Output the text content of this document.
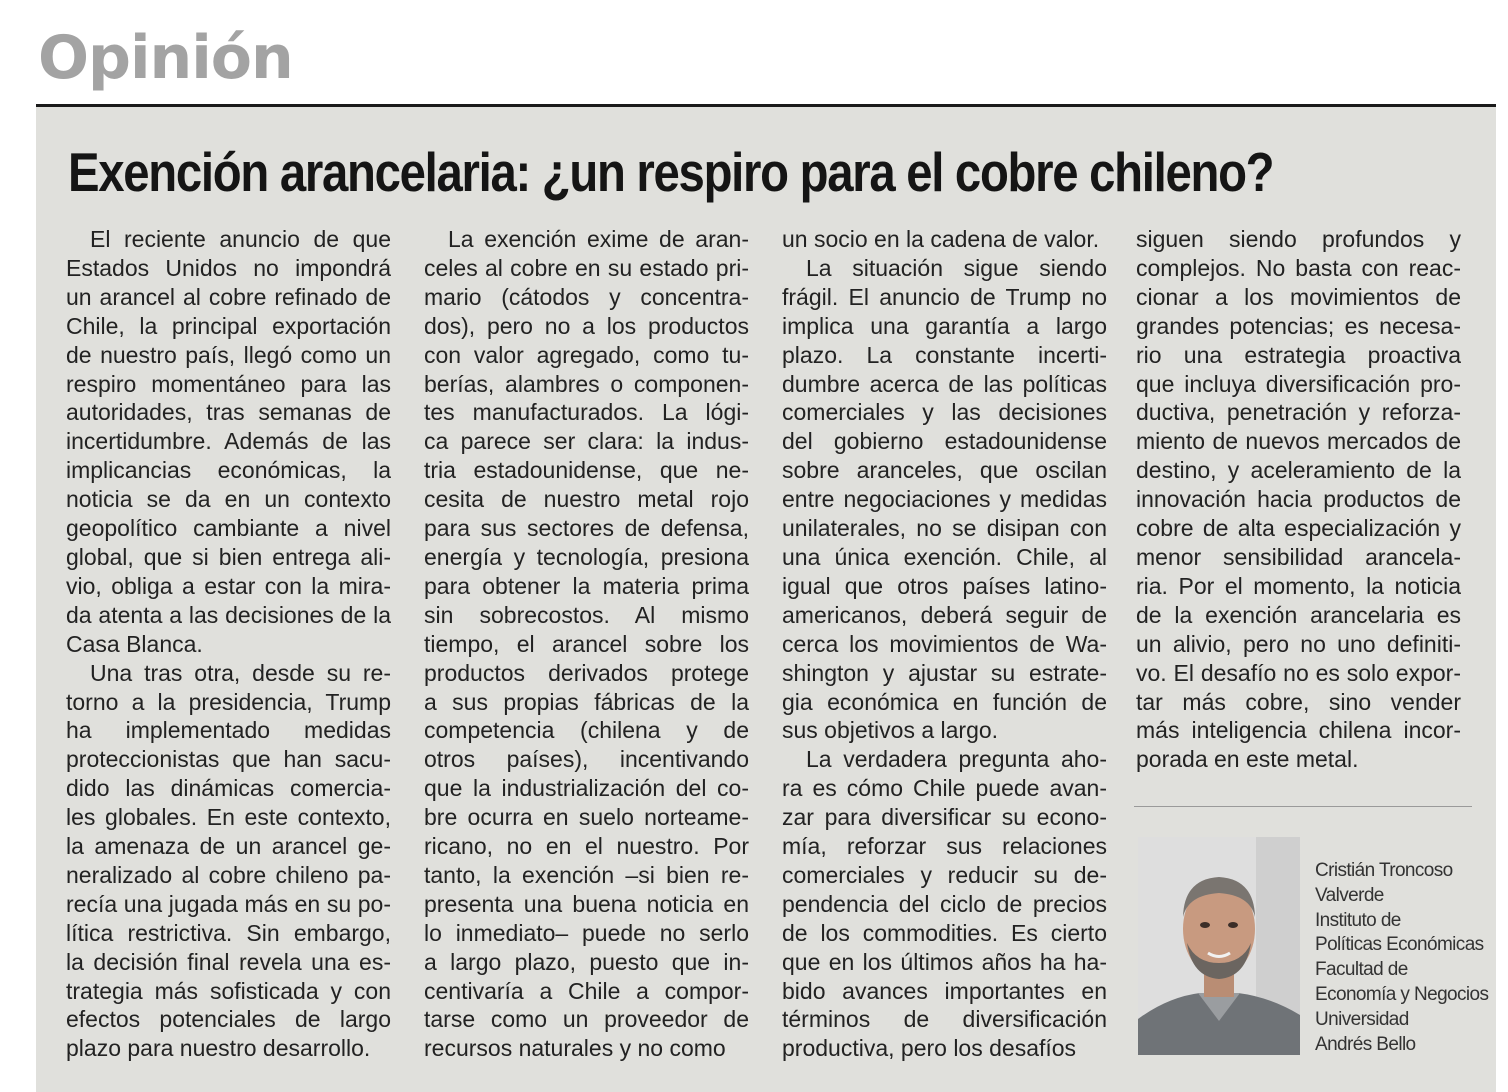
Opinión
Exención arancelaria: ¿un respiro para el cobre chileno?
El reciente anuncio de que
Estados Unidos no impondrá
un arancel al cobre refinado de
Chile, la principal exportación
de nuestro país, llegó como un
respiro momentáneo para las
autoridades, tras semanas de
incertidumbre. Además de las
implicancias económicas, la
noticia se da en un contexto
geopolítico cambiante a nivel
global, que si bien entrega ali-
vio, obliga a estar con la mira-
da atenta a las decisiones de la
Casa Blanca.
Una tras otra, desde su re-
torno a la presidencia, Trump
ha implementado medidas
proteccionistas que han sacu-
dido las dinámicas comercia-
les globales. En este contexto,
la amenaza de un arancel ge-
neralizado al cobre chileno pa-
recía una jugada más en su po-
lítica restrictiva. Sin embargo,
la decisión final revela una es-
trategia más sofisticada y con
efectos potenciales de largo
plazo para nuestro desarrollo.
La exención exime de aran-
celes al cobre en su estado pri-
mario (cátodos y concentra-
dos), pero no a los productos
con valor agregado, como tu-
berías, alambres o componen-
tes manufacturados. La lógi-
ca parece ser clara: la indus-
tria estadounidense, que ne-
cesita de nuestro metal rojo
para sus sectores de defensa,
energía y tecnología, presiona
para obtener la materia prima
sin sobrecostos. Al mismo
tiempo, el arancel sobre los
productos derivados protege
a sus propias fábricas de la
competencia (chilena y de
otros países), incentivando
que la industrialización del co-
bre ocurra en suelo norteame-
ricano, no en el nuestro. Por
tanto, la exención –si bien re-
presenta una buena noticia en
lo inmediato– puede no serlo
a largo plazo, puesto que in-
centivaría a Chile a compor-
tarse como un proveedor de
recursos naturales y no como
un socio en la cadena de valor.
La situación sigue siendo
frágil. El anuncio de Trump no
implica una garantía a largo
plazo. La constante incerti-
dumbre acerca de las políticas
comerciales y las decisiones
del gobierno estadounidense
sobre aranceles, que oscilan
entre negociaciones y medidas
unilaterales, no se disipan con
una única exención. Chile, al
igual que otros países latino-
americanos, deberá seguir de
cerca los movimientos de Wa-
shington y ajustar su estrate-
gia económica en función de
sus objetivos a largo.
La verdadera pregunta aho-
ra es cómo Chile puede avan-
zar para diversificar su econo-
mía, reforzar sus relaciones
comerciales y reducir su de-
pendencia del ciclo de precios
de los commodities. Es cierto
que en los últimos años ha ha-
bido avances importantes en
términos de diversificación
productiva, pero los desafíos
siguen siendo profundos y
complejos. No basta con reac-
cionar a los movimientos de
grandes potencias; es necesa-
rio una estrategia proactiva
que incluya diversificación pro-
ductiva, penetración y reforza-
miento de nuevos mercados de
destino, y aceleramiento de la
innovación hacia productos de
cobre de alta especialización y
menor sensibilidad arancela-
ria. Por el momento, la noticia
de la exención arancelaria es
un alivio, pero no uno definiti-
vo. El desafío no es solo expor-
tar más cobre, sino vender
más inteligencia chilena incor-
porada en este metal.
Cristián Troncoso
Valverde
Instituto de
Políticas Económicas
Facultad de
Economía y Negocios
Universidad
Andrés Bello
